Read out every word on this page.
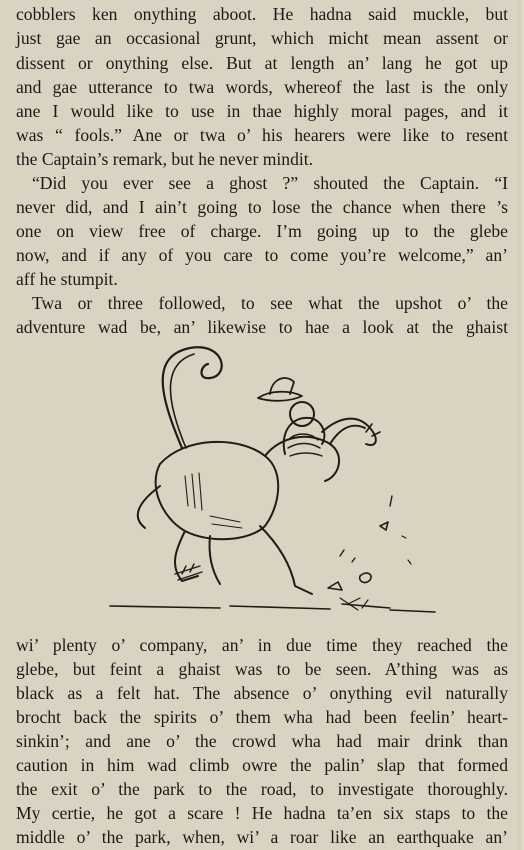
cobblers ken onything aboot. He hadna said muckle, but
just gae an occasional grunt, which micht mean assent or
dissent or onything else. But at length an’ lang he got up
and gae utterance to twa words, whereof the last is the only
ane I would like to use in thae highly moral pages, and it
was “ fools.” Ane or twa o’ his hearers were like to resent
the Captain’s remark, but he never mindit.
“Did you ever see a ghost ?” shouted the Captain. “I
never did, and I ain’t going to lose the chance when there ’s
one on view free of charge. I’m going up to the glebe
now, and if any of you care to come you’re welcome,” an’
aff he stumpit.
Twa or three followed, to see what the upshot o’ the
adventure wad be, an’ likewise to hae a look at the ghaist
wi’ plenty o’ company, an’ in due time they reached the
glebe, but feint a ghaist was to be seen. A’thing was as
black as a felt hat. The absence o’ onything evil naturally
brocht back the spirits o’ them wha had been feelin’ heart-
sinkin’; and ane o’ the crowd wha had mair drink than
caution in him wad climb owre the palin’ slap that formed
the exit o’ the park to the road, to investigate thoroughly.
My certie, he got a scare ! He hadna ta’en six staps to the
middle o’ the park, when, wi’ a roar like an earthquake an’
